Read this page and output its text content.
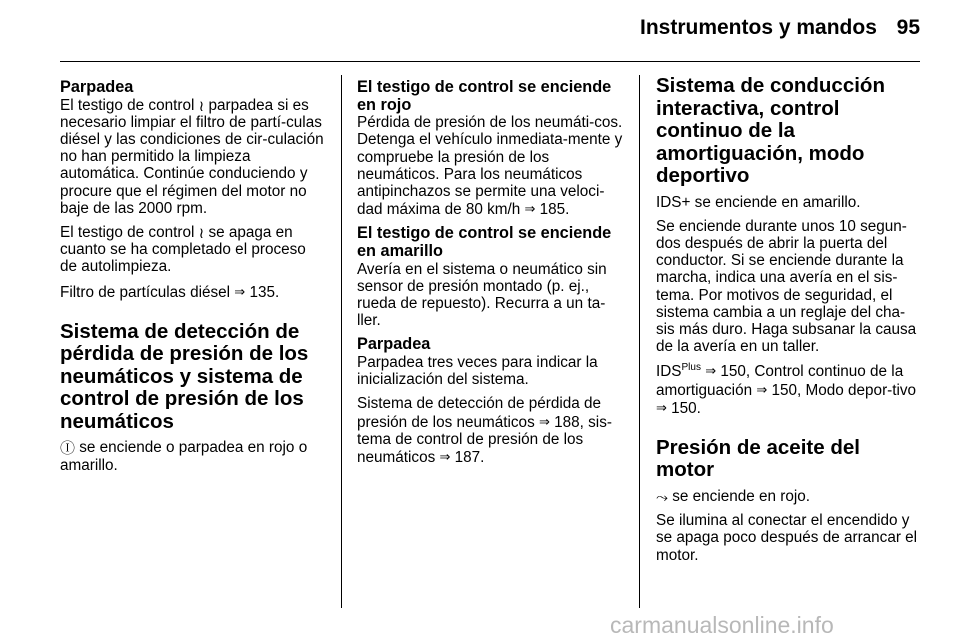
Instrumentos y mandos 95
Parpadea

El testigo de control ≀ parpadea si es necesario limpiar el filtro de partí-culas diésel y las condiciones de cir-culación no han permitido la limpieza automática. Continúe conduciendo y procure que el régimen del motor no baje de las 2000 rpm.

El testigo de control ≀ se apaga en cuanto se ha completado el proceso de autolimpieza.

Filtro de partículas diésel ⇒ 135.

Sistema de detección de pérdida de presión de los neumáticos y sistema de control de presión de los neumáticos

Ⓘ se enciende o parpadea en rojo o amarillo.

El testigo de control se enciende en rojo

Pérdida de presión de los neumáti-cos. Detenga el vehículo inmediata-mente y compruebe la presión de los neumáticos. Para los neumáticos antipinchazos se permite una veloci-dad máxima de 80 km/h ⇒ 185.

El testigo de control se enciende en amarillo

Avería en el sistema o neumático sin sensor de presión montado (p. ej., rueda de repuesto). Recurra a un ta-ller.

Parpadea

Parpadea tres veces para indicar la inicialización del sistema.

Sistema de detección de pérdida de presión de los neumáticos ⇒ 188, sis-tema de control de presión de los neumáticos ⇒ 187.

Sistema de conducción interactiva, control continuo de la amortiguación, modo deportivo

IDS+ se enciende en amarillo.

Se enciende durante unos 10 segun-dos después de abrir la puerta del conductor. Si se enciende durante la marcha, indica una avería en el sis-tema. Por motivos de seguridad, el sistema cambia a un reglaje del cha-sis más duro. Haga subsanar la causa de la avería en un taller.

$IDS^{Plus}$ ⇒ 150, Control continuo de la amortiguación ⇒ 150, Modo depor-tivo ⇒ 150.

Presión de aceite del motor

⤳ se enciende en rojo.

Se ilumina al conectar el encendido y se apaga poco después de arrancar el motor.

carmanualsonline.info
